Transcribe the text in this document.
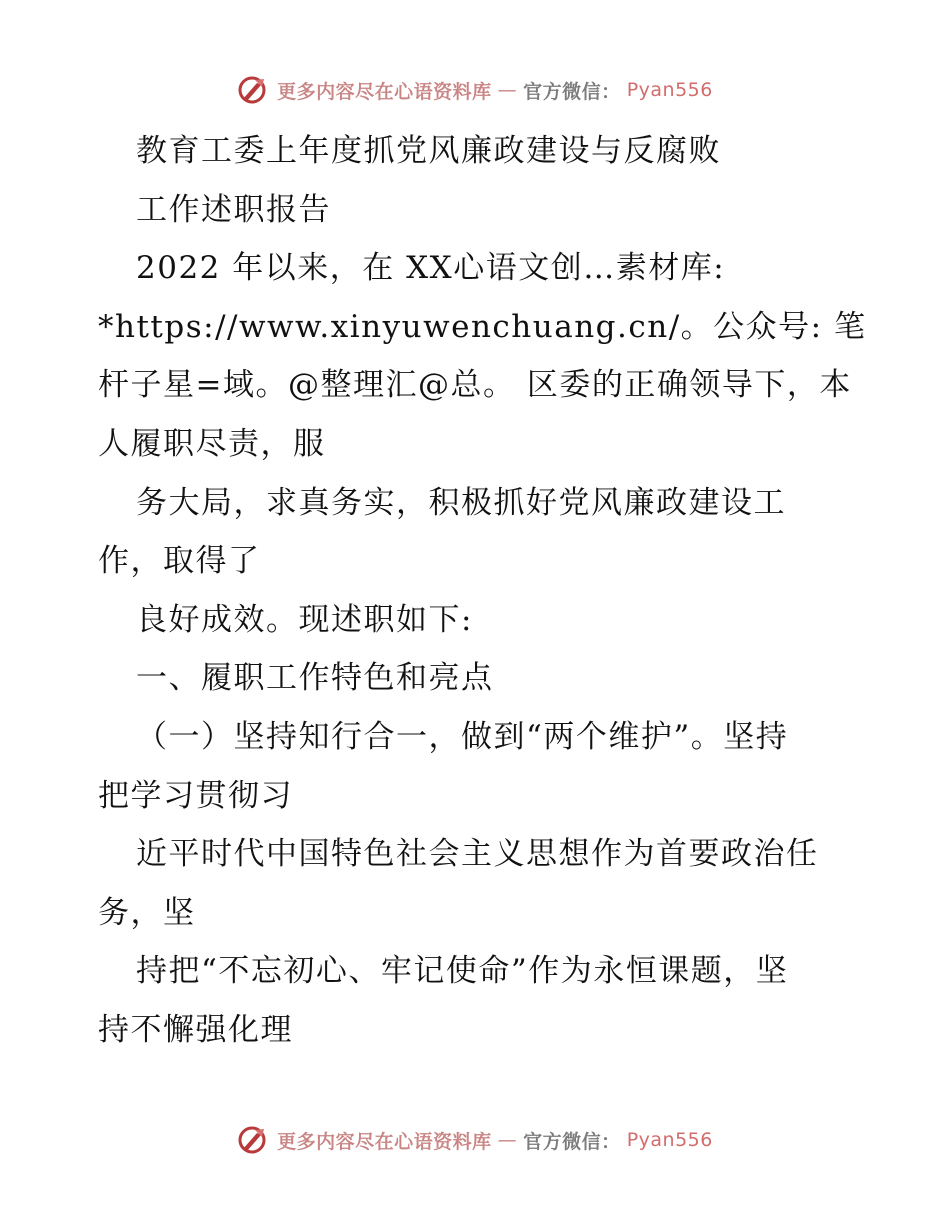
更多内容尽在心语资料库 — 官方微信： Pyan556
教育工委上年度抓党风廉政建设与反腐败
工作述职报告
2022 年以来，在 XX心语文创…素材库:
*https://www.xinyuwenchuang.cn/。公众号: 笔
杆子星=域。@整理汇@总。 区委的正确领导下，本
人履职尽责，服
务大局，求真务实，积极抓好党风廉政建设工
作，取得了
良好成效。现述职如下:
一、履职工作特色和亮点
（一）坚持知行合一，做到“两个维护”。坚持
把学习贯彻习
近平时代中国特色社会主义思想作为首要政治任
务，坚
持把“不忘初心、牢记使命”作为永恒课题，坚
持不懈强化理
更多内容尽在心语资料库 — 官方微信： Pyan556
